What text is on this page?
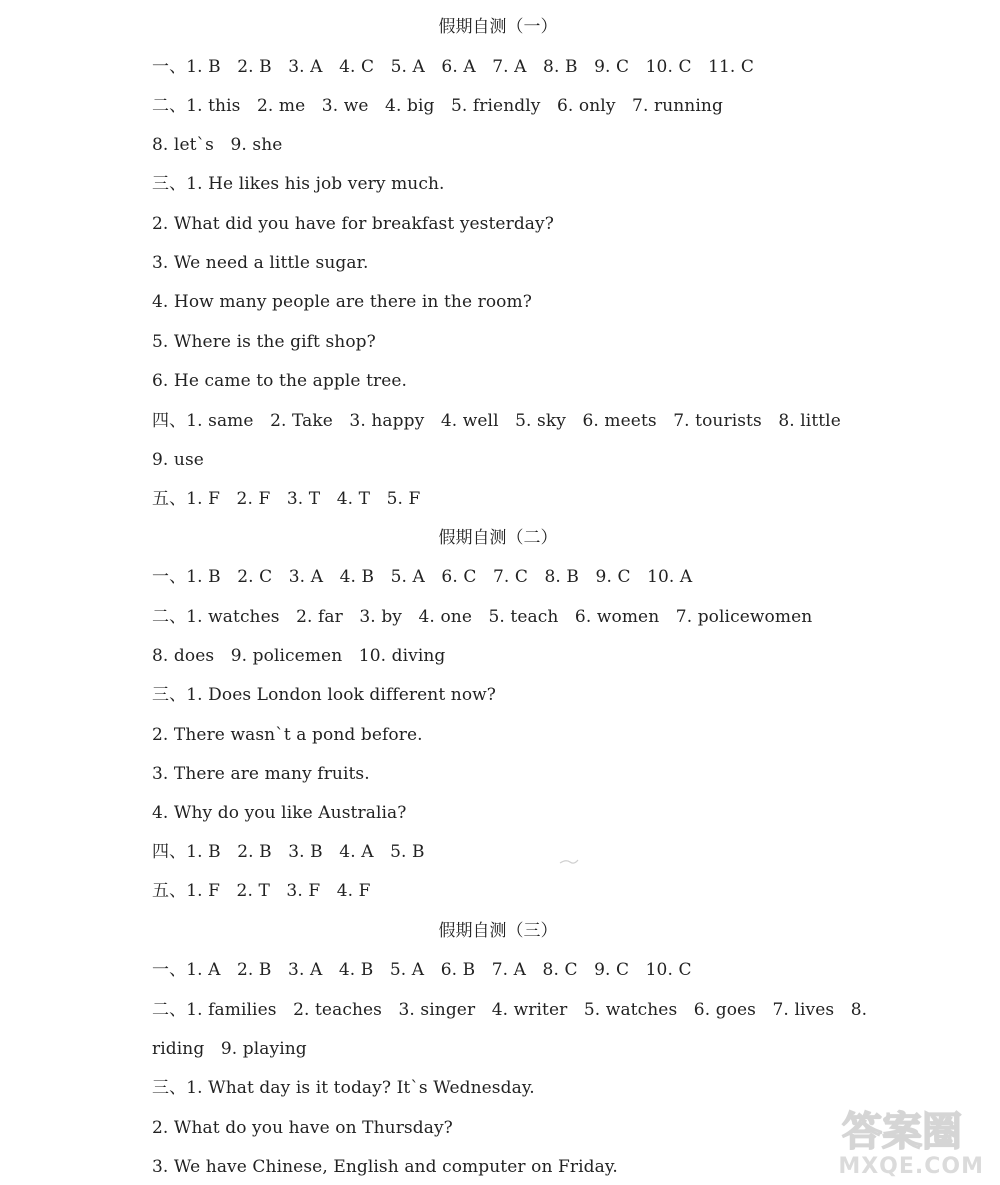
假期自测（一）
一、1. B   2. B   3. A   4. C   5. A   6. A   7. A   8. B   9. C   10. C   11. C
二、1. this   2. me   3. we   4. big   5. friendly   6. only   7. running
8. let`s   9. she
三、1. He likes his job very much.
2. What did you have for breakfast yesterday?
3. We need a little sugar.
4. How many people are there in the room?
5. Where is the gift shop?
6. He came to the apple tree.
四、1. same   2. Take   3. happy   4. well   5. sky   6. meets   7. tourists   8. little
9. use
五、1. F   2. F   3. T   4. T   5. F
假期自测（二）
一、1. B   2. C   3. A   4. B   5. A   6. C   7. C   8. B   9. C   10. A
二、1. watches   2. far   3. by   4. one   5. teach   6. women   7. policewomen
8. does   9. policemen   10. diving
三、1. Does London look different now?
2. There wasn`t a pond before.
3. There are many fruits.
4. Why do you like Australia?
四、1. B   2. B   3. B   4. A   5. B
五、1. F   2. T   3. F   4. F
假期自测（三）
一、1. A   2. B   3. A   4. B   5. A   6. B   7. A   8. C   9. C   10. C
二、1. families   2. teaches   3. singer   4. writer   5. watches   6. goes   7. lives   8.
riding   9. playing
三、1. What day is it today? It`s Wednesday.
2. What do you have on Thursday?
3. We have Chinese, English and computer on Friday.
答案圈
MXQE.COM
